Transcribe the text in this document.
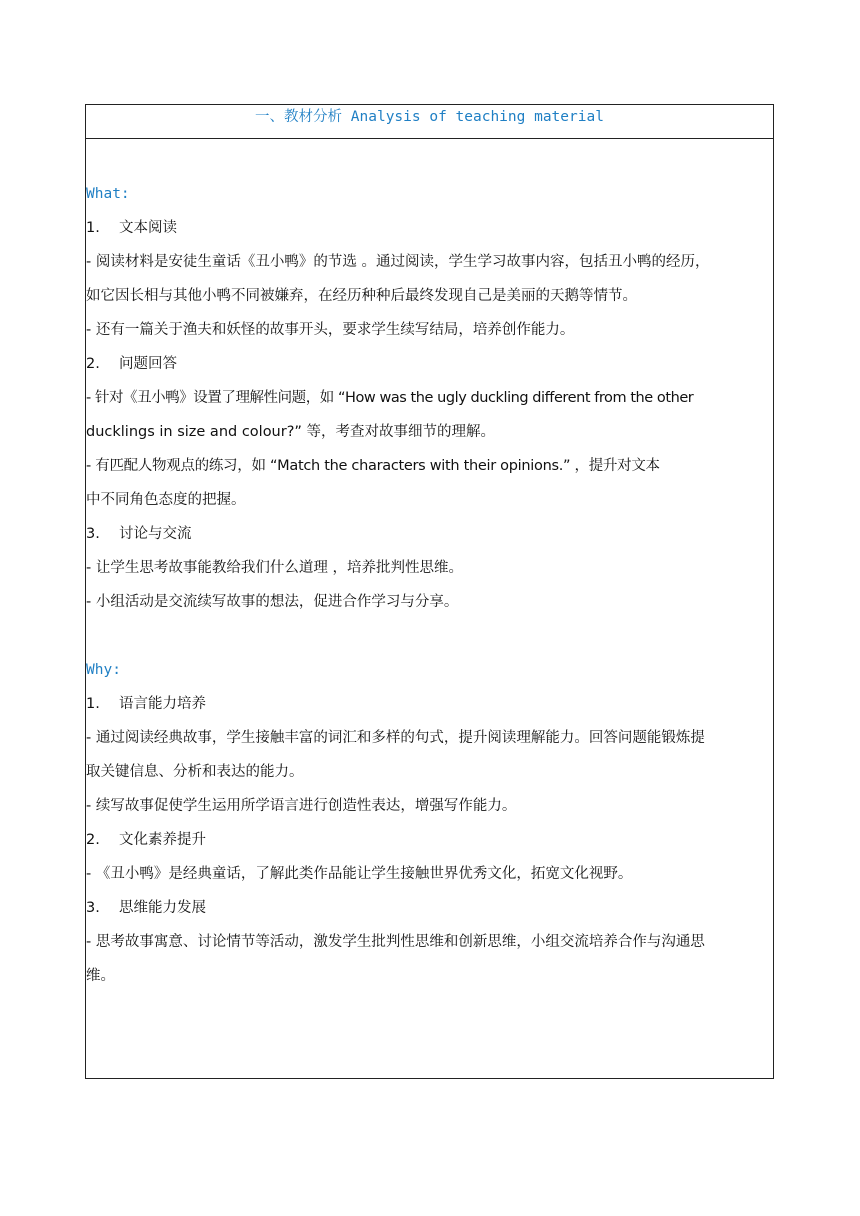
一、教材分析 Analysis of teaching material
What:
1. 文本阅读
- 阅读材料是安徒生童话《丑小鸭》的节选 。通过阅读，学生学习故事内容，包括丑小鸭的经历，
如它因长相与其他小鸭不同被嫌弃，在经历种种后最终发现自己是美丽的天鹅等情节。
- 还有一篇关于渔夫和妖怪的故事开头，要求学生续写结局，培养创作能力。
2. 问题回答
- 针对《丑小鸭》设置了理解性问题，如 “How was the ugly duckling different from the other
ducklings in size and colour?” 等，考查对故事细节的理解。
- 有匹配人物观点的练习，如 “Match the characters with their opinions.” ，提升对文本
中不同角色态度的把握。
3. 讨论与交流
- 让学生思考故事能教给我们什么道理 ，培养批判性思维。
- 小组活动是交流续写故事的想法，促进合作学习与分享。
Why:
1. 语言能力培养
- 通过阅读经典故事，学生接触丰富的词汇和多样的句式，提升阅读理解能力。回答问题能锻炼提
取关键信息、分析和表达的能力。
- 续写故事促使学生运用所学语言进行创造性表达，增强写作能力。
2. 文化素养提升
- 《丑小鸭》是经典童话，了解此类作品能让学生接触世界优秀文化，拓宽文化视野。
3. 思维能力发展
- 思考故事寓意、讨论情节等活动，激发学生批判性思维和创新思维，小组交流培养合作与沟通思
维。
